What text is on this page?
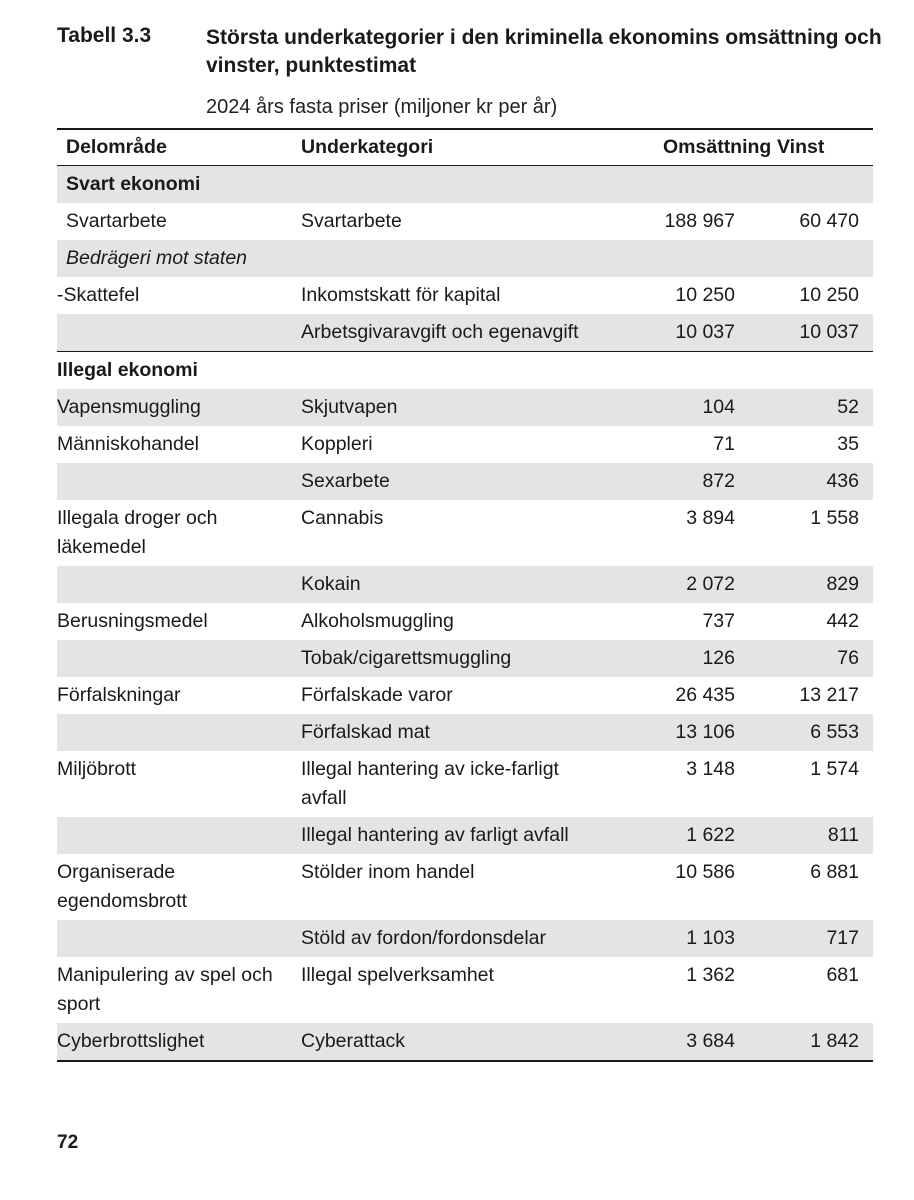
Tabell 3.3	Största underkategorier i den kriminella ekonomins omsättning och vinster, punktestimat
2024 års fasta priser (miljoner kr per år)
Delområde	Underkategori	Omsättning	Vinst
Svart ekonomi			
Svartarbete	Svartarbete	188 967	60 470
Bedrägeri mot staten			
-Skattefel	Inkomstskatt för kapital	10 250	10 250
	Arbetsgivaravgift och egenavgift	10 037	10 037
Illegal ekonomi			
Vapensmuggling	Skjutvapen	104	52
Människohandel	Koppleri	71	35
	Sexarbete	872	436
Illegala droger och läkemedel	Cannabis	3 894	1 558
	Kokain	2 072	829
Berusningsmedel	Alkoholsmuggling	737	442
	Tobak/cigarettsmuggling	126	76
Förfalskningar	Förfalskade varor	26 435	13 217
	Förfalskad mat	13 106	6 553
Miljöbrott	Illegal hantering av icke-farligt avfall	3 148	1 574
	Illegal hantering av farligt avfall	1 622	811
Organiserade egendomsbrott	Stölder inom handel	10 586	6 881
	Stöld av fordon/fordonsdelar	1 103	717
Manipulering av spel och sport	Illegal spelverksamhet	1 362	681
Cyberbrottslighet	Cyberattack	3 684	1 842
72
